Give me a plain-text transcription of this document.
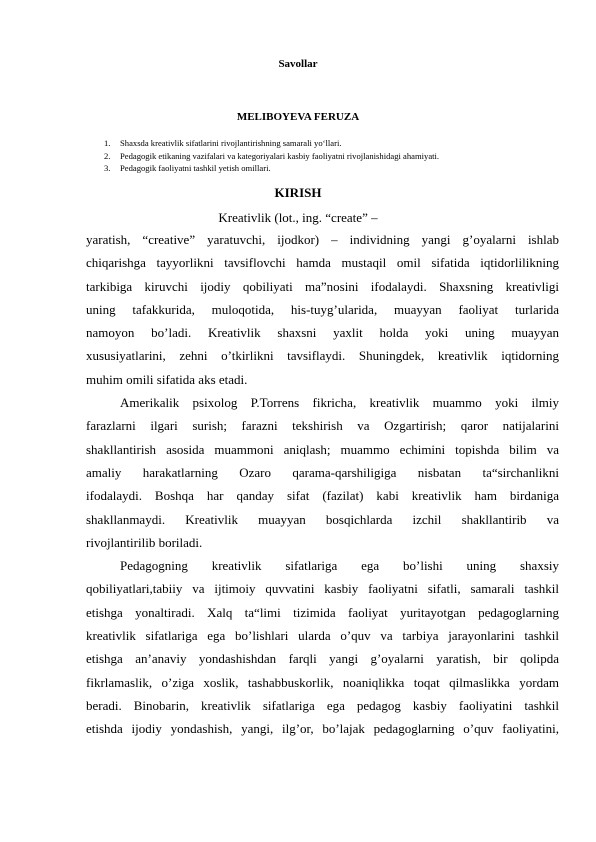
Savollar
MELIBOYEVA FERUZA
1. Shaxsda kreativlik sifatlarini rivojlantirishning samarali yo‘llari.
2. Pedagogik etikaning vazifalari va kategoriyalari kasbiy faoliyatni rivojlanishidagi ahamiyati.
3. Pedagogik faoliyatni tashkil yetish omillari.
KIRISH
Kreativlik (lot., ing. “create” –

yaratish, “creative” yaratuvchi, ijodkor) – individning yangi g’oyalarni ishlab
chiqarishga tayyorlikni tavsiflovchi hamda mustaqil omil sifatida iqtidorlilikning
tarkibiga kiruvchi ijodiy qobiliyati ma”nosini ifodalaydi. Shaxsning kreativligi
uning tafakkurida, muloqotida, his-tuyg’ularida, muayyan faoliyat turlarida
namoyon bo’ladi. Kreativlik shaxsni yaxlit holda yoki uning muayyan
xususiyatlarini, zehni o’tkirlikni tavsiflaydi. Shuningdek, kreativlik iqtidorning
muhim omili sifatida aks etadi.

Amerikalik psixolog P.Torrens fikricha, kreativlik muammo yoki ilmiy
farazlarni ilgari surish; farazni tekshirish va Ozgartirish; qaror natijalarini
shakllantirish asosida muammoni aniqlash; muammo echimini topishda bilim va
amaliy harakatlarning Ozaro qarama-qarshiligiga nisbatan ta“sirchanlikni
ifodalaydi. Boshqa har qanday sifat (fazilat) kabi kreativlik ham birdaniga
shakllanmaydi. Kreativlik muayyan bosqichlarda izchil shakllantirib va
rivojlantirilib boriladi.

Pedagogning kreativlik sifatlariga ega bo’lishi uning shaxsiy
qobiliyatlari,tabiiy va ijtimoiy quvvatini kasbiy faoliyatni sifatli, samarali tashkil
etishga yonaltiradi. Xalq ta“limi tizimida faoliyat yuritayotgan pedagoglarning
kreativlik sifatlariga ega bo’lishlari ularda o’quv va tarbiya jarayonlarini tashkil
etishga an’anaviy yondashishdan farqli yangi g’oyalarni yaratish, bir qolipda
fikrlamaslik, o’ziga xoslik, tashabbuskorlik, noaniqlikka toqat qilmaslikka yordam
beradi. Binobarin, kreativlik sifatlariga ega pedagog kasbiy faoliyatini tashkil
etishda ijodiy yondashish, yangi, ilg’or, bo’lajak pedagoglarning o’quv faoliyatini,
